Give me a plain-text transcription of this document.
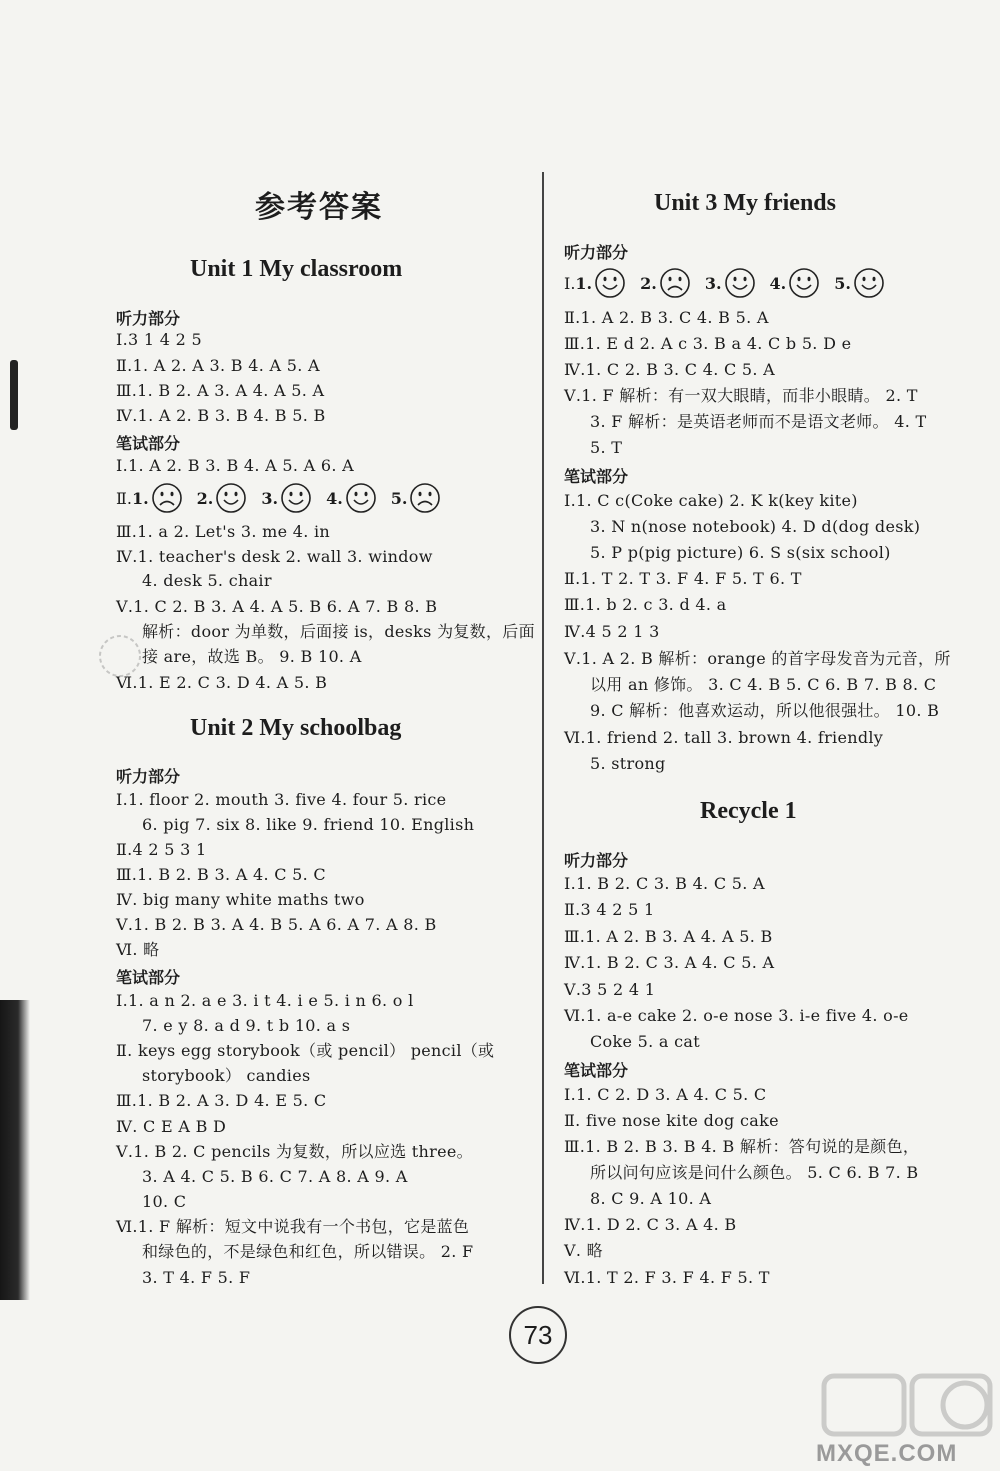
参考答案
Unit 1 My classroom
听力部分
Ⅰ.3 1 4 2 5
Ⅱ.1. A 2. A 3. B 4. A 5. A
Ⅲ.1. B 2. A 3. A 4. A 5. A
Ⅳ.1. A 2. B 3. B 4. B 5. B
笔试部分
Ⅰ.1. A 2. B 3. B 4. A 5. A 6. A
Ⅱ. 1.	2.	3.	4.	5.
Ⅲ.1. a 2. Let's 3. me 4. in
Ⅳ.1. teacher's desk 2. wall 3. window
4. desk 5. chair
Ⅴ.1. C 2. B 3. A 4. A 5. B 6. A 7. B 8. B
解析：door 为单数，后面接 is，desks 为复数，后面
接 are，故选 B。 9. B 10. A
Ⅵ.1. E 2. C 3. D 4. A 5. B
Unit 2 My schoolbag
听力部分
Ⅰ.1. floor 2. mouth 3. five 4. four 5. rice
6. pig 7. six 8. like 9. friend 10. English
Ⅱ.4 2 5 3 1
Ⅲ.1. B 2. B 3. A 4. C 5. C
Ⅳ. big many white maths two
Ⅴ.1. B 2. B 3. A 4. B 5. A 6. A 7. A 8. B
Ⅵ. 略
笔试部分
Ⅰ.1. a n 2. a e 3. i t 4. i e 5. i n 6. o l
7. e y 8. a d 9. t b 10. a s
Ⅱ. keys egg storybook（或 pencil） pencil（或
storybook） candies
Ⅲ.1. B 2. A 3. D 4. E 5. C
Ⅳ. C E A B D
Ⅴ.1. B 2. C pencils 为复数，所以应选 three。
3. A 4. C 5. B 6. C 7. A 8. A 9. A
10. C
Ⅵ.1. F 解析：短文中说我有一个书包，它是蓝色
和绿色的，不是绿色和红色，所以错误。 2. F
3. T 4. F 5. F
Unit 3 My friends
听力部分
Ⅰ. 1.	2.	3.	4.	5.
Ⅱ.1. A 2. B 3. C 4. B 5. A
Ⅲ.1. E d 2. A c 3. B a 4. C b 5. D e
Ⅳ.1. C 2. B 3. C 4. C 5. A
Ⅴ.1. F 解析：有一双大眼睛，而非小眼睛。 2. T
3. F 解析：是英语老师而不是语文老师。 4. T
5. T
笔试部分
Ⅰ.1. C c(Coke cake) 2. K k(key kite)
3. N n(nose notebook) 4. D d(dog desk)
5. P p(pig picture) 6. S s(six school)
Ⅱ.1. T 2. T 3. F 4. F 5. T 6. T
Ⅲ.1. b 2. c 3. d 4. a
Ⅳ.4 5 2 1 3
Ⅴ.1. A 2. B 解析：orange 的首字母发音为元音，所
以用 an 修饰。 3. C 4. B 5. C 6. B 7. B 8. C
9. C 解析：他喜欢运动，所以他很强壮。 10. B
Ⅵ.1. friend 2. tall 3. brown 4. friendly
5. strong
Recycle 1
听力部分
Ⅰ.1. B 2. C 3. B 4. C 5. A
Ⅱ.3 4 2 5 1
Ⅲ.1. A 2. B 3. A 4. A 5. B
Ⅳ.1. B 2. C 3. A 4. C 5. A
Ⅴ.3 5 2 4 1
Ⅵ.1. a-e cake 2. o-e nose 3. i-e five 4. o-e
Coke 5. a cat
笔试部分
Ⅰ.1. C 2. D 3. A 4. C 5. C
Ⅱ. five nose kite dog cake
Ⅲ.1. B 2. B 3. B 4. B 解析：答句说的是颜色，
所以问句应该是问什么颜色。 5. C 6. B 7. B
8. C 9. A 10. A
Ⅳ.1. D 2. C 3. A 4. B
Ⅴ. 略
Ⅵ.1. T 2. F 3. F 4. F 5. T
73
MXQE.COM
